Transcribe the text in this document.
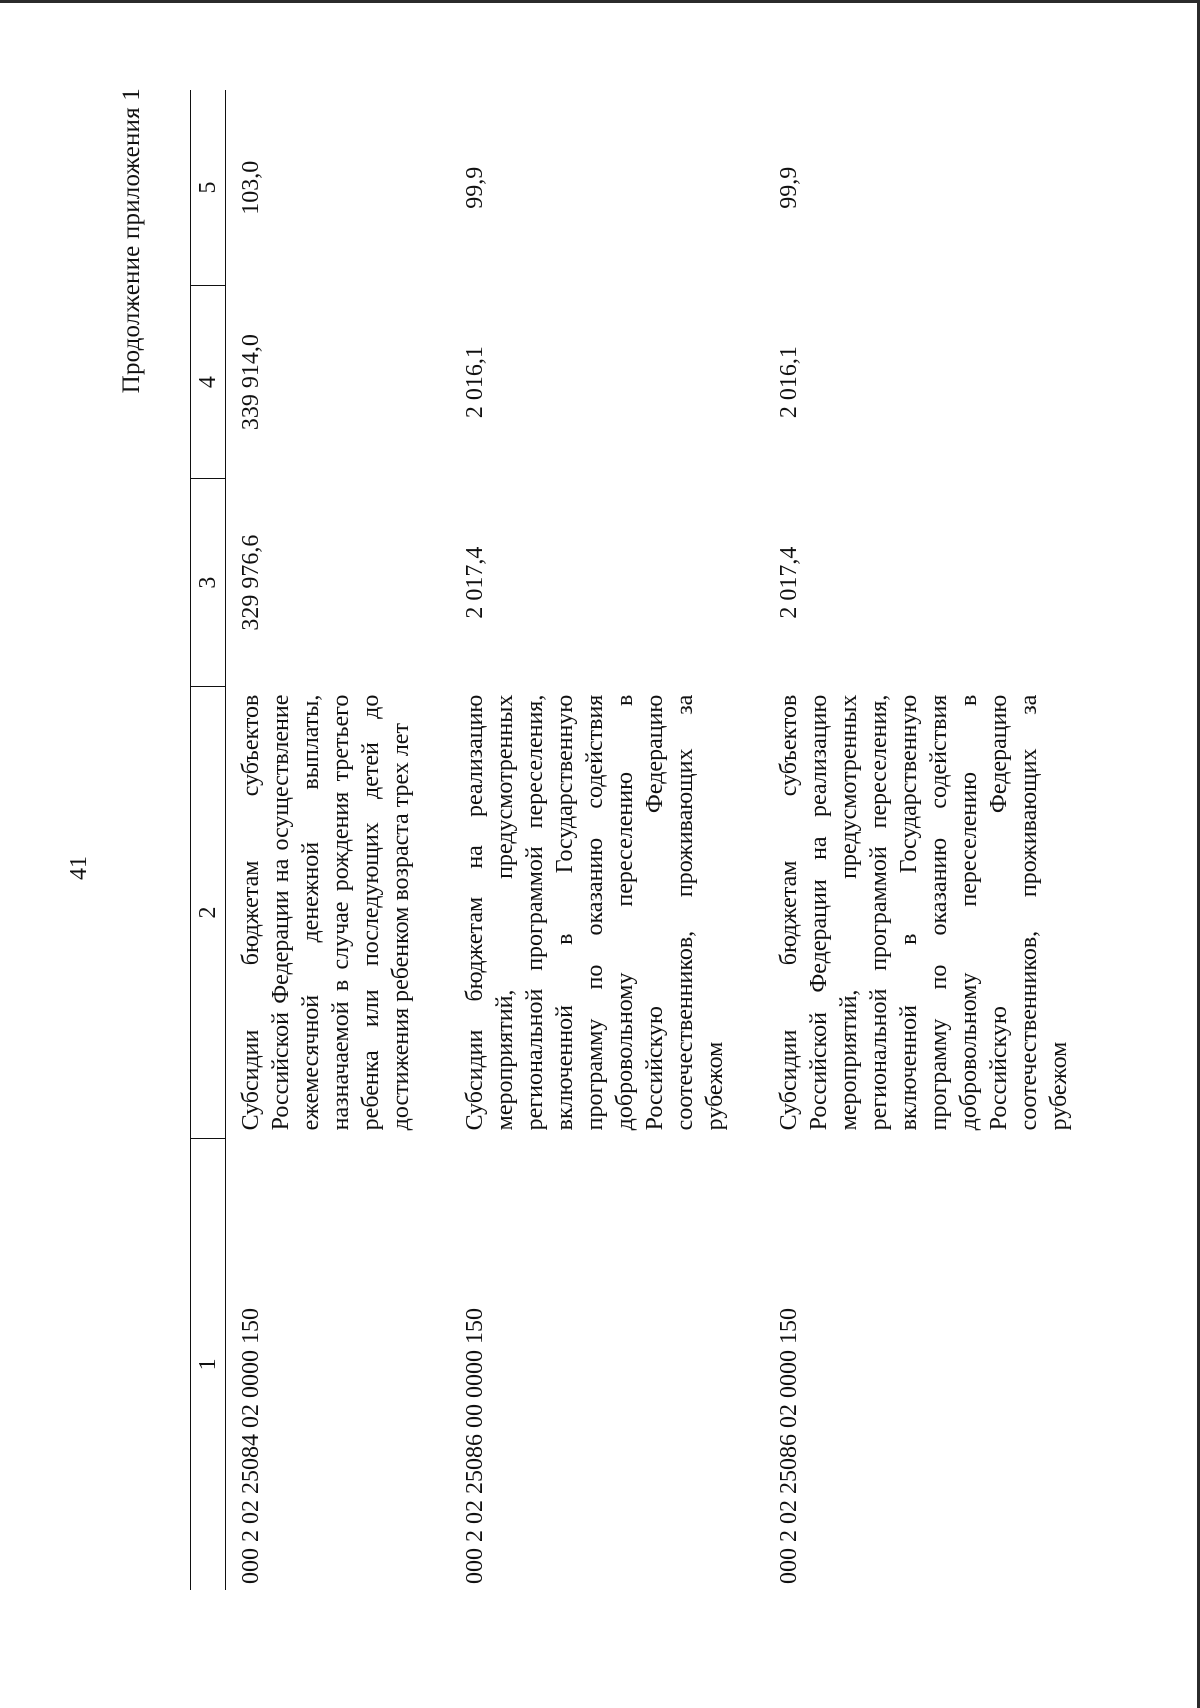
41
Продолжение приложения 1
1	2	3	4	5
000 2 02 25084 02 0000 150	Субсидии бюджетам субъектов Российской Федерации на осуществление ежемесячной денежной выплаты, назначаемой в случае рождения третьего ребенка или последующих детей до достижения ребенком возраста трех лет	329 976,6	339 914,0	103,0
000 2 02 25086 00 0000 150	Субсидии бюджетам на реализацию мероприятий, предусмотренных региональной программой переселения, включенной в Государственную программу по оказанию содействия добровольному переселению в Российскую Федерацию соотечественников, проживающих за рубежом	2 017,4	2 016,1	99,9
000 2 02 25086 02 0000 150	Субсидии бюджетам субъектов Российской Федерации на реализацию мероприятий, предусмотренных региональной программой переселения, включенной в Государственную программу по оказанию содействия добровольному переселению в Российскую Федерацию соотечественников, проживающих за рубежом	2 017,4	2 016,1	99,9
